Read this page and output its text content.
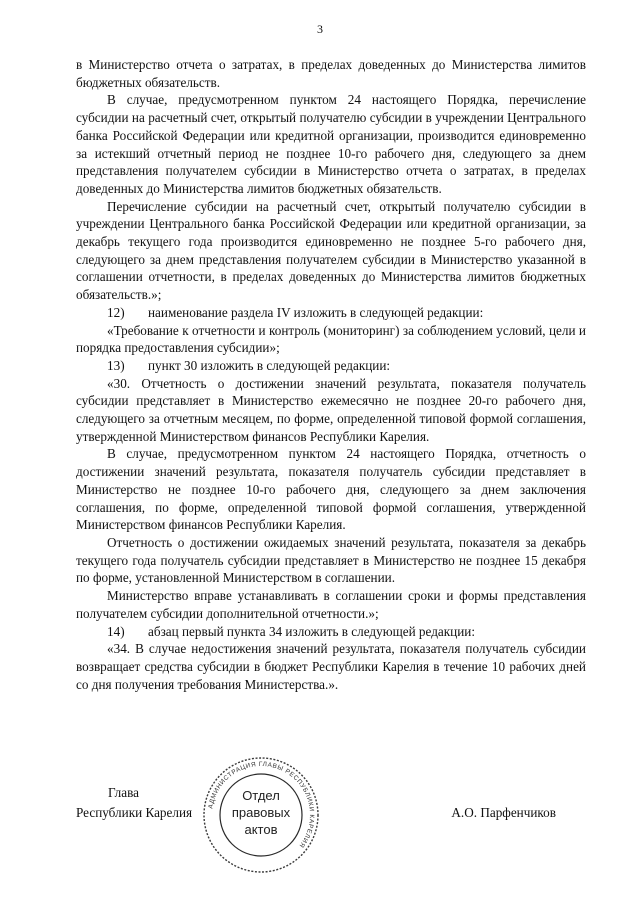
3

в Министерство отчета о затратах, в пределах доведенных до Министерства лимитов бюджетных обязательств.

В случае, предусмотренном пунктом 24 настоящего Порядка, перечисление субсидии на расчетный счет, открытый получателю субсидии в учреждении Центрального банка Российской Федерации или кредитной организации, производится единовременно за истекший отчетный период не позднее 10-го рабочего дня, следующего за днем представления получателем субсидии в Министерство отчета о затратах, в пределах доведенных до Министерства лимитов бюджетных обязательств.

Перечисление субсидии на расчетный счет, открытый получателю субсидии в учреждении Центрального банка Российской Федерации или кредитной организации, за декабрь текущего года производится единовременно не позднее 5-го рабочего дня, следующего за днем представления получателем субсидии в Министерство указанной в соглашении отчетности, в пределах доведенных до Министерства лимитов бюджетных обязательств.»;

12)	наименование раздела IV изложить в следующей редакции:

«Требование к отчетности и контроль (мониторинг) за соблюдением условий, цели и порядка предоставления субсидии»;

13)	пункт 30 изложить в следующей редакции:

«30. Отчетность о достижении значений результата, показателя получатель субсидии представляет в Министерство ежемесячно не позднее 20-го рабочего дня, следующего за отчетным месяцем, по форме, определенной типовой формой соглашения, утвержденной Министерством финансов Республики Карелия.

В случае, предусмотренном пунктом 24 настоящего Порядка, отчетность о достижении значений результата, показателя получатель субсидии представляет в Министерство не позднее 10-го рабочего дня, следующего за днем заключения соглашения, по форме, определенной типовой формой соглашения, утвержденной Министерством финансов Республики Карелия.

Отчетность о достижении ожидаемых значений результата, показателя за декабрь текущего года получатель субсидии представляет в Министерство не позднее 15 декабря по форме, установленной Министерством в соглашении.

Министерство вправе устанавливать в соглашении сроки и формы представления получателем субсидии дополнительной отчетности.»;

14)	абзац первый пункта 34 изложить в следующей редакции:

«34. В случае недостижения значений результата, показателя получатель субсидии возвращает средства субсидии в бюджет Республики Карелия в течение 10 рабочих дней со дня получения требования Министерства.».

Глава
Республики Карелия	А.О. Парфенчиков
АДМИНИСТРАЦИЯ ГЛАВЫ РЕСПУБЛИКИ КАРЕЛИЯ
Отдел
правовых
актов
